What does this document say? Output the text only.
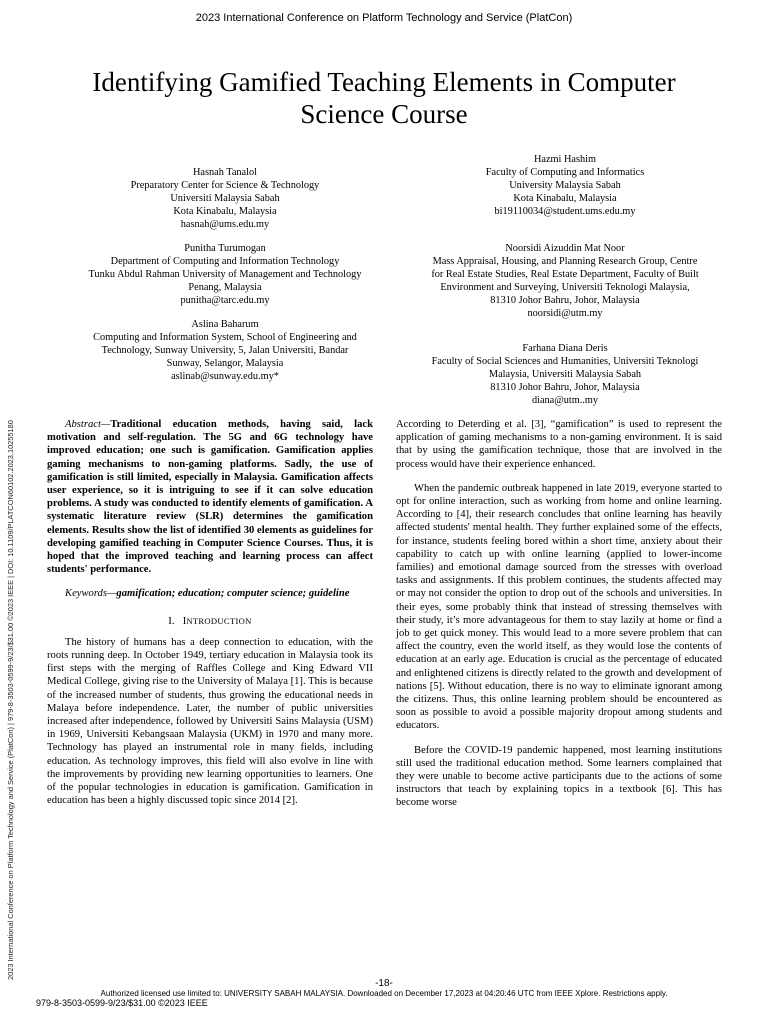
2023 International Conference on Platform Technology and Service (PlatCon)
Identifying Gamified Teaching Elements in Computer
Science Course
Hasnah Tanalol
Preparatory Center for Science & Technology
Universiti Malaysia Sabah
Kota Kinabalu, Malaysia
hasnah@ums.edu.my
Hazmi Hashim
Faculty of Computing and Informatics
University Malaysia Sabah
Kota Kinabalu, Malaysia
bi19110034@student.ums.edu.my
Punitha Turumogan
Department of Computing and Information Technology
Tunku Abdul Rahman University of Management and Technology
Penang, Malaysia
punitha@tarc.edu.my
Noorsidi Aizuddin Mat Noor
Mass Appraisal, Housing, and Planning Research Group, Centre
for Real Estate Studies, Real Estate Department, Faculty of Built
Environment and Surveying, Universiti Teknologi Malaysia,
81310 Johor Bahru, Johor, Malaysia
noorsidi@utm.my
Aslina Baharum
Computing and Information System, School of Engineering and
Technology, Sunway University, 5, Jalan Universiti, Bandar
Sunway, Selangor, Malaysia
aslinab@sunway.edu.my*
Farhana Diana Deris
Faculty of Social Sciences and Humanities, Universiti Teknologi
Malaysia, Universiti Malaysia Sabah
81310 Johor Bahru, Johor, Malaysia
diana@utm..my

Abstract—Traditional education methods, having said, lack motivation and self-regulation. The 5G and 6G technology have improved education; one such is gamification. Gamification applies gaming mechanisms to non-gaming platforms. Sadly, the use of gamification is still limited, especially in Malaysia. Gamification affects user experience, so it is intriguing to see if it can solve education problems. A study was conducted to identify elements of gamification. A systematic literature review (SLR) determines the gamification elements. Results show the list of identified 30 elements as guidelines for developing gamified teaching in Computer Science Courses. Thus, it is hoped that the improved teaching and learning process can affect students' performance.

Keywords—gamification; education; computer science; guideline

I. INTRODUCTION

The history of humans has a deep connection to education, with the roots running deep. In October 1949, tertiary education in Malaysia took its first steps with the merging of Raffles College and King Edward VII Medical College, giving rise to the University of Malaya [1]. This is because of the increased number of students, thus growing the educational needs in Malaya before independence. Later, the number of public universities increased after independence, followed by Universiti Sains Malaysia (USM) in 1969, Universiti Kebangsaan Malaysia (UKM) in 1970 and many more. Technology has played an instrumental role in many fields, including education. As technology improves, this field will also evolve in line with the improvements by providing new learning opportunities to learners. One of the popular technologies in education is gamification. Gamification in education has been a highly discussed topic since 2014 [2].

According to Deterding et al. [3], “gamification” is used to represent the application of gaming mechanisms to a non-gaming environment. It is said that by using the gamification technique, those that are involved in the process would have their experience enhanced.

When the pandemic outbreak happened in late 2019, everyone started to opt for online interaction, such as working from home and online learning. According to [4], their research concludes that online learning has heavily affected students' mental health. They further explained some of the effects, for instance, students feeling bored within a short time, anxiety about their capability to catch up with online learning (applied to lower-income families) and emotional damage sourced from the stresses with overload tasks and assignments. If this problem continues, the students affected may or may not consider the option to drop out of the schools and universities. In their eyes, some probably think that instead of stressing themselves with their study, it’s more advantageous for them to stay lazily at home or find a job to get quick money. This would lead to a more severe problem that can affect the country, even the world itself, as they would lose the contents of education at an early age. Education is crucial as the percentage of educated and enlightened citizens is directly related to the growth and development of nations [5]. Without education, there is no way to eliminate ignorant among the citizens. Thus, this online learning problem should be encountered as soon as possible to avoid a possible majority dropout among students and educators.

Before the COVID-19 pandemic happened, most learning institutions still used the traditional education method. Some learners complained that they were unable to become active participants due to the actions of some instructors that teach by explaining topics in a textbook [6]. This has become worse

2023 International Conference on Platform Technology and Service (PlatCon) | 979-8-3503-0599-9/23/$31.00 ©2023 IEEE | DOI: 10.1109/PLATCON60102.2023.10255180
-18-
Authorized licensed use limited to: UNIVERSITY SABAH MALAYSIA. Downloaded on December 17,2023 at 04:20:46 UTC from IEEE Xplore. Restrictions apply.
979-8-3503-0599-9/23/$31.00 ©2023 IEEE
